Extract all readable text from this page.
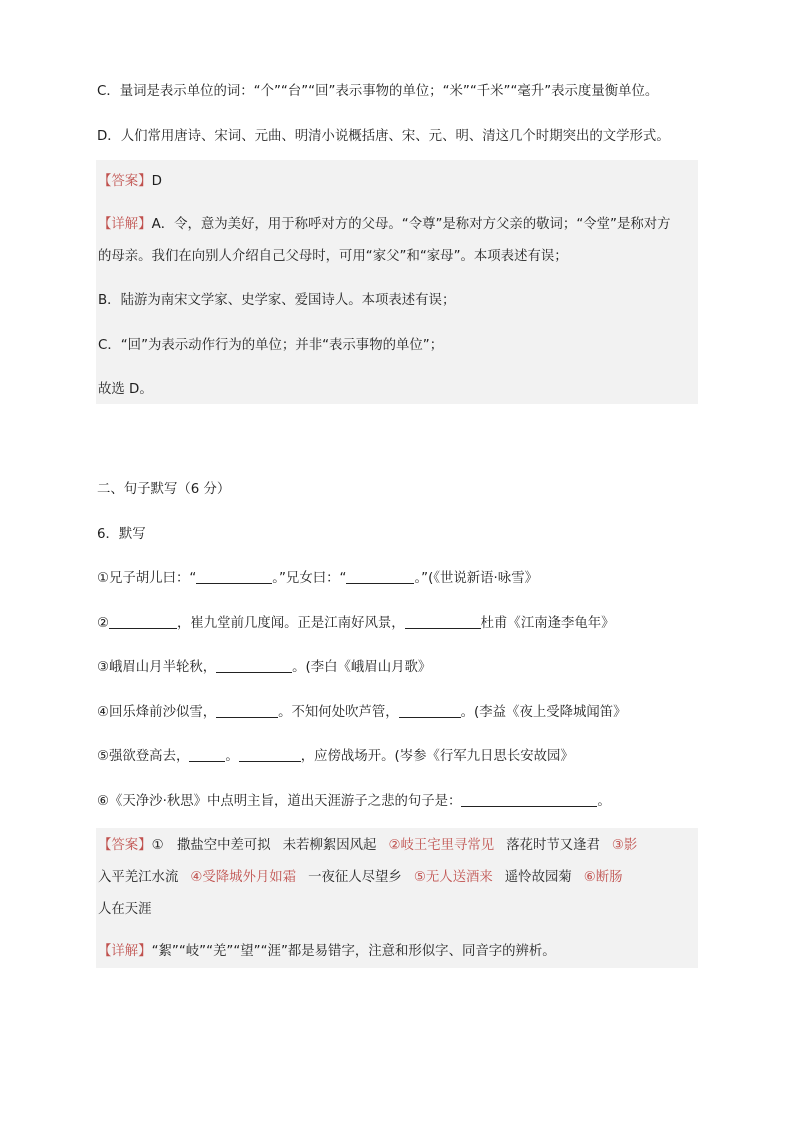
C．量词是表示单位的词：“个”“台”“回”表示事物的单位；“米”“千米”“毫升”表示度量衡单位。
D．人们常用唐诗、宋词、元曲、明清小说概括唐、宋、元、明、清这几个时期突出的文学形式。
【答案】D
【详解】A．令，意为美好，用于称呼对方的父母。“令尊”是称对方父亲的敬词；“令堂”是称对方
的母亲。我们在向别人介绍自己父母时，可用“家父”和“家母”。本项表述有误；
B．陆游为南宋文学家、史学家、爱国诗人。本项表述有误；
C．“回”为表示动作行为的单位；并非“表示事物的单位”；
故选 D。
二、句子默写（6 分）
6．默写
①兄子胡儿曰：“	。”兄女曰：“	。”(《世说新语·咏雪》
②	，崔九堂前几度闻。正是江南好风景，	杜甫《江南逢李龟年》
③峨眉山月半轮秋，	。(李白《峨眉山月歌》
④回乐烽前沙似雪，	。不知何处吹芦管，	。(李益《夜上受降城闻笛》
⑤强欲登高去，	。	，应傍战场开。(岑参《行军九日思长安故园》
⑥《天净沙·秋思》中点明主旨，道出天涯游子之悲的句子是：	。
【答案】①　撒盐空中差可拟 未若柳絮因风起 ②岐王宅里寻常见 落花时节又逢君 ③影
入平羌江水流 ④受降城外月如霜 一夜征人尽望乡 ⑤无人送酒来 遥怜故园菊 ⑥断肠
人在天涯
【详解】“絮”“岐”“羌”“望”“涯”都是易错字，注意和形似字、同音字的辨析。
